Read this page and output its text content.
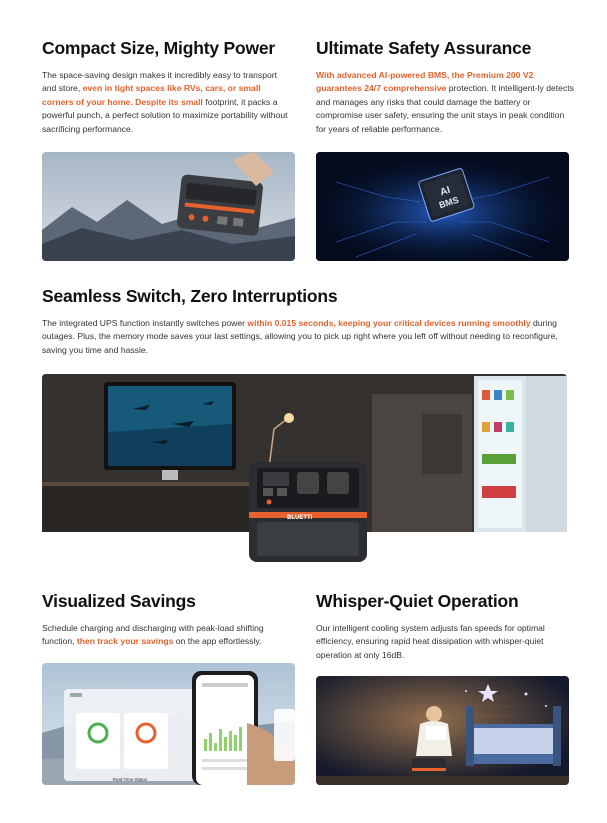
Compact Size, Mighty Power

The space-saving design makes it incredibly easy to transport and store, even in tight spaces like RVs, cars, or small corners of your home. Despite its small footprint, it packs a powerful punch, a perfect solution to maximize portability without sacrificing performance.

Ultimate Safety Assurance

With advanced AI-powered BMS, the Premium 200 V2 guarantees 24/7 comprehensive protection. It intelligent-ly detects and manages any risks that could damage the battery or compromise user safety, ensuring the unit stays in peak condition for years of reliable performance.

AI
BMS
Seamless Switch, Zero Interruptions

The integrated UPS function instantly switches power within 0.015 seconds, keeping your critical devices running smoothly during outages. Plus, the memory mode saves your last settings, allowing you to pick up right where you left off without needing to reconfigure, saving you time and hassle.

BLUETTI
Visualized Savings

Schedule charging and discharging with peak-load shifting function, then track your savings on the app effortlessly.

Real-Time Status
Whisper-Quiet Operation

Our intelligent cooling system adjusts fan speeds for optimal efficiency, ensuring rapid heat dissipation with whisper-quiet operation at only 16dB.
